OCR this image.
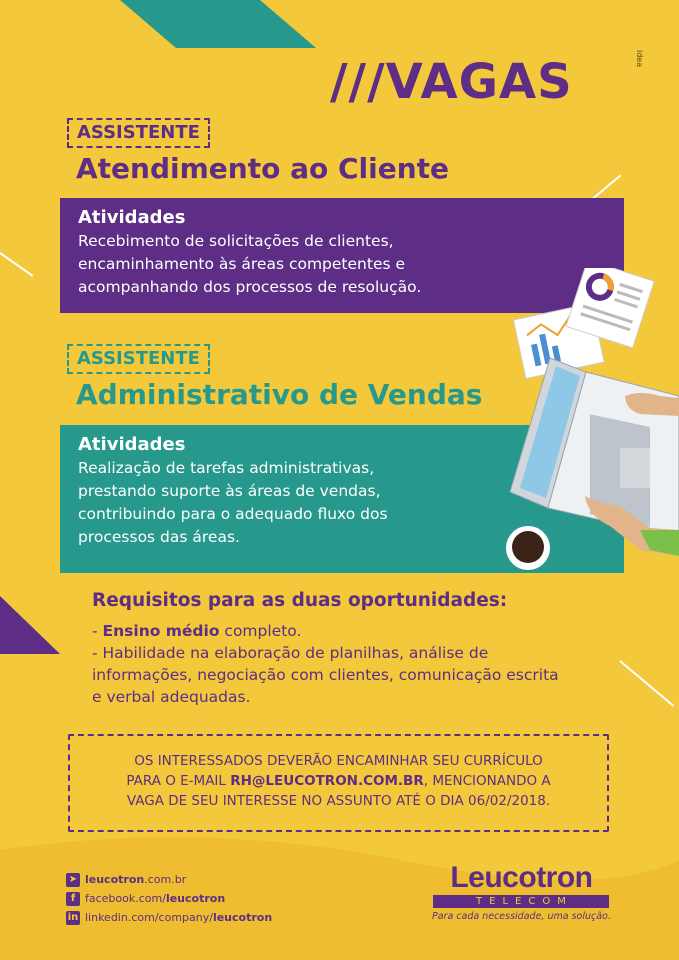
idea
///VAGAS
ASSISTENTE
Atendimento ao Cliente
Atividades

Recebimento de solicitações de clientes,

encaminhamento às áreas competentes e

acompanhando dos processos de resolução.

ASSISTENTE
Administrativo de Vendas
Atividades

Realização de tarefas administrativas,

prestando suporte às áreas de vendas,

contribuindo para o adequado fluxo dos

processos das áreas.

Requisitos para as duas oportunidades:
- Ensino médio completo.
- Habilidade na elaboração de planilhas, análise de informações, negociação com clientes, comunicação escrita e verbal adequadas.
OS INTERESSADOS DEVERÃO ENCAMINHAR SEU CURRÍCULO
PARA O E-MAIL RH@LEUCOTRON.COM.BR, MENCIONANDO A
VAGA DE SEU INTERESSE NO ASSUNTO ATÉ O DIA 06/02/2018.
➤ leucotron.com.br
f facebook.com/leucotron
in linkedin.com/company/leucotron
Leucotron
TELECOM
Para cada necessidade, uma solução.
